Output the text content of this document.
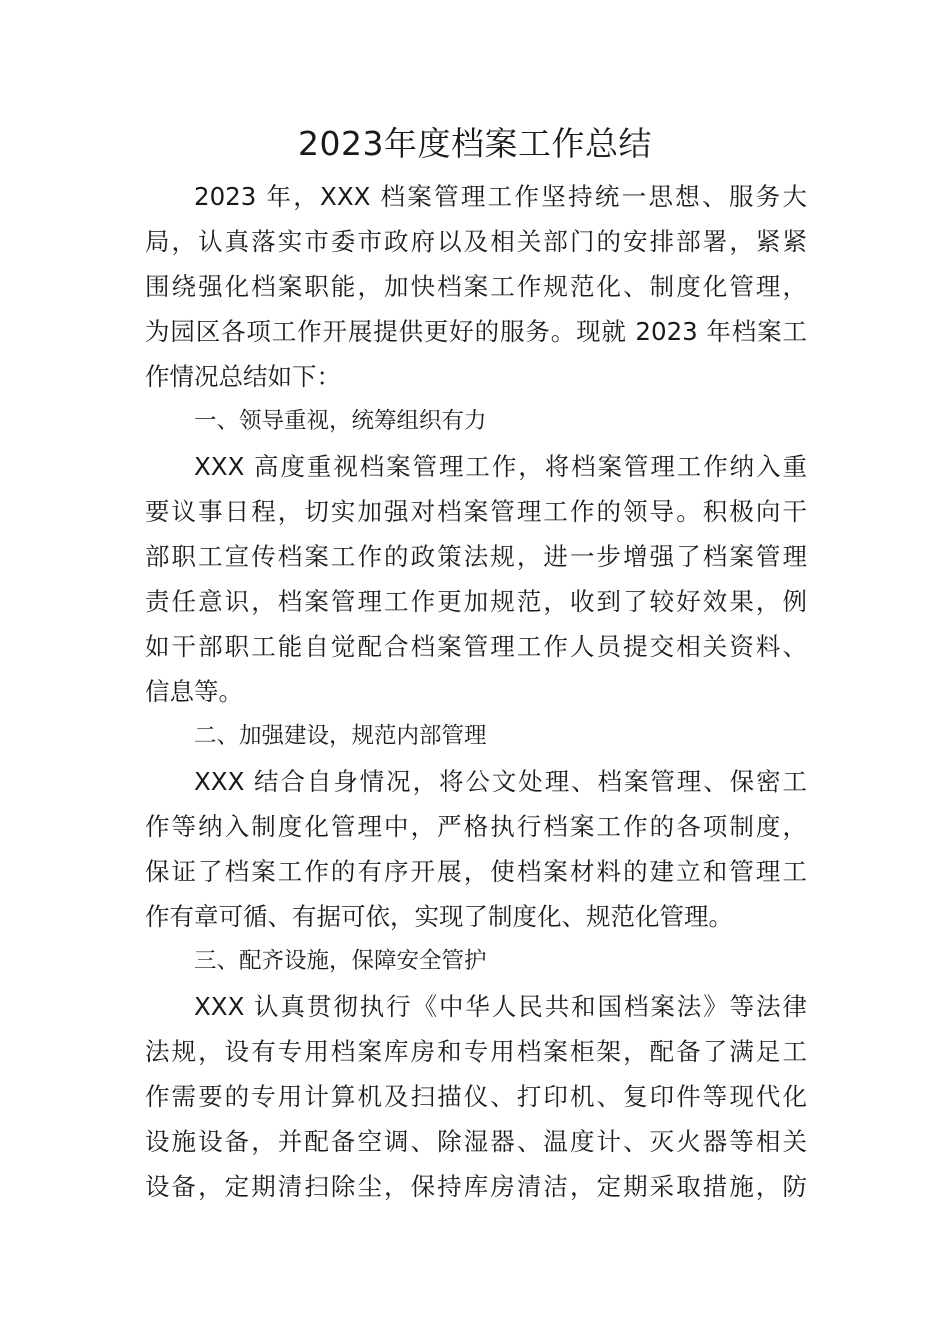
2023年度档案工作总结
2023 年，XXX 档案管理工作坚持统一思想、服务大
局，认真落实市委市政府以及相关部门的安排部署，紧紧
围绕强化档案职能，加快档案工作规范化、制度化管理，
为园区各项工作开展提供更好的服务。现就 2023 年档案工
作情况总结如下：
一、领导重视，统筹组织有力
XXX 高度重视档案管理工作，将档案管理工作纳入重
要议事日程，切实加强对档案管理工作的领导。积极向干
部职工宣传档案工作的政策法规，进一步增强了档案管理
责任意识，档案管理工作更加规范，收到了较好效果，例
如干部职工能自觉配合档案管理工作人员提交相关资料、
信息等。
二、加强建设，规范内部管理
XXX 结合自身情况，将公文处理、档案管理、保密工
作等纳入制度化管理中，严格执行档案工作的各项制度，
保证了档案工作的有序开展，使档案材料的建立和管理工
作有章可循、有据可依，实现了制度化、规范化管理。
三、配齐设施，保障安全管护
XXX 认真贯彻执行《中华人民共和国档案法》等法律
法规，设有专用档案库房和专用档案柜架，配备了满足工
作需要的专用计算机及扫描仪、打印机、复印件等现代化
设施设备，并配备空调、除湿器、温度计、灭火器等相关
设备，定期清扫除尘，保持库房清洁，定期采取措施，防
